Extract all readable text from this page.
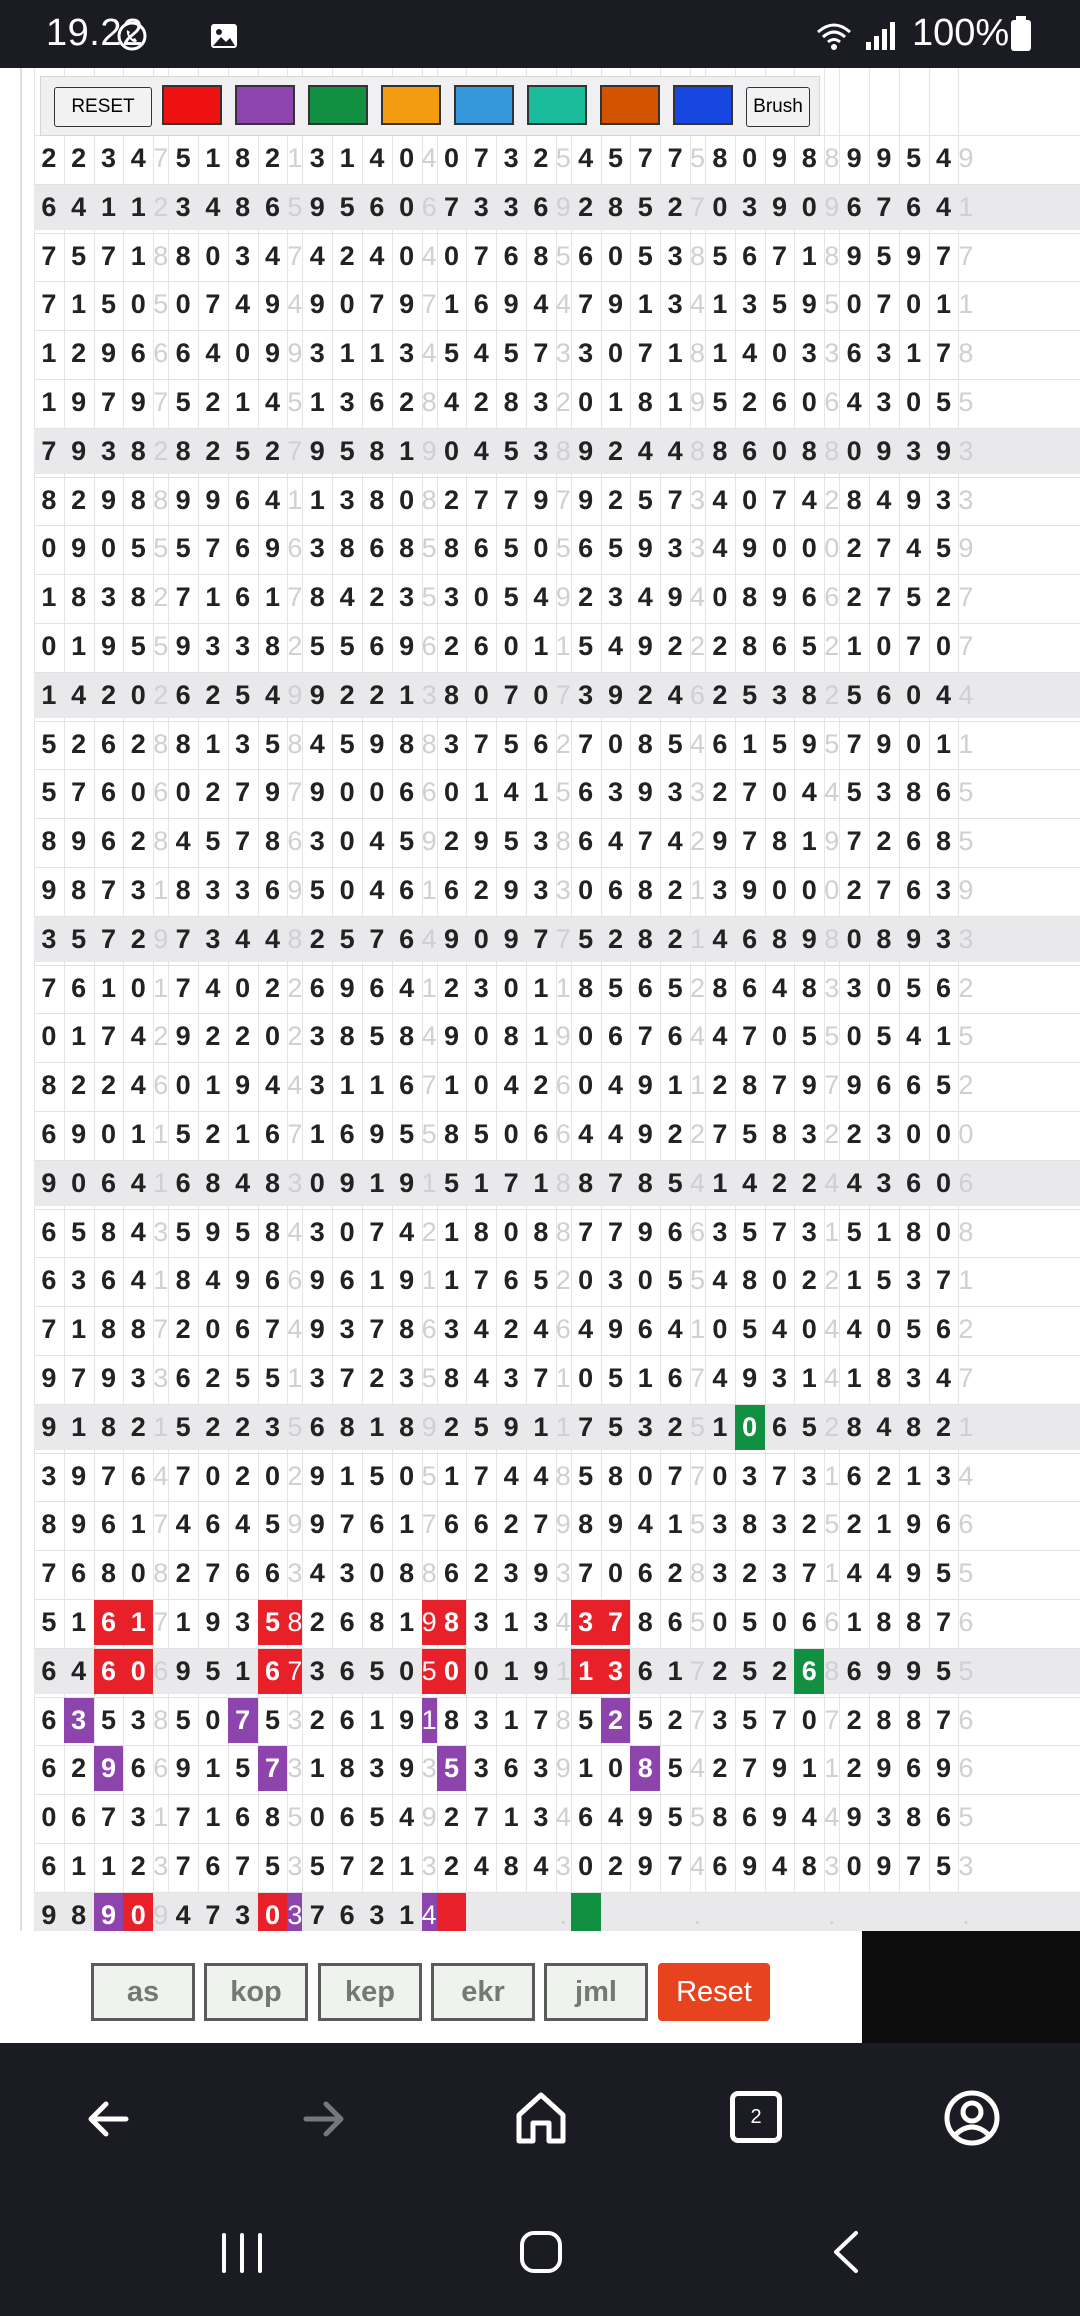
19.22	100%
2 2 3 4 7 5 1 8 2 1 3 1 4 0 4 0 7 3 2 5 4 5 7 7 5 8 0 9 8 8 9 9 5 4 9
6 4 1 1 2 3 4 8 6 5 9 5 6 0 6 7 3 3 6 9 2 8 5 2 7 0 3 9 0 9 6 7 6 4 1
7 5 7 1 8 8 0 3 4 7 4 2 4 0 4 0 7 6 8 5 6 0 5 3 8 5 6 7 1 8 9 5 9 7 7
7 1 5 0 5 0 7 4 9 4 9 0 7 9 7 1 6 9 4 4 7 9 1 3 4 1 3 5 9 5 0 7 0 1 1
1 2 9 6 6 6 4 0 9 9 3 1 1 3 4 5 4 5 7 3 3 0 7 1 8 1 4 0 3 3 6 3 1 7 8
1 9 7 9 7 5 2 1 4 5 1 3 6 2 8 4 2 8 3 2 0 1 8 1 9 5 2 6 0 6 4 3 0 5 5
7 9 3 8 2 8 2 5 2 7 9 5 8 1 9 0 4 5 3 8 9 2 4 4 8 8 6 0 8 8 0 9 3 9 3
8 2 9 8 8 9 9 6 4 1 1 3 8 0 8 2 7 7 9 7 9 2 5 7 3 4 0 7 4 2 8 4 9 3 3
0 9 0 5 5 5 7 6 9 6 3 8 6 8 5 8 6 5 0 5 6 5 9 3 3 4 9 0 0 0 2 7 4 5 9
1 8 3 8 2 7 1 6 1 7 8 4 2 3 5 3 0 5 4 9 2 3 4 9 4 0 8 9 6 6 2 7 5 2 7
0 1 9 5 5 9 3 3 8 2 5 5 6 9 6 2 6 0 1 1 5 4 9 2 2 2 8 6 5 2 1 0 7 0 7
1 4 2 0 2 6 2 5 4 9 9 2 2 1 3 8 0 7 0 7 3 9 2 4 6 2 5 3 8 2 5 6 0 4 4
5 2 6 2 8 8 1 3 5 8 4 5 9 8 8 3 7 5 6 2 7 0 8 5 4 6 1 5 9 5 7 9 0 1 1
5 7 6 0 6 0 2 7 9 7 9 0 0 6 6 0 1 4 1 5 6 3 9 3 3 2 7 0 4 4 5 3 8 6 5
8 9 6 2 8 4 5 7 8 6 3 0 4 5 9 2 9 5 3 8 6 4 7 4 2 9 7 8 1 9 7 2 6 8 5
9 8 7 3 1 8 3 3 6 9 5 0 4 6 1 6 2 9 3 3 0 6 8 2 1 3 9 0 0 0 2 7 6 3 9
3 5 7 2 9 7 3 4 4 8 2 5 7 6 4 9 0 9 7 7 5 2 8 2 1 4 6 8 9 8 0 8 9 3 3
7 6 1 0 1 7 4 0 2 2 6 9 6 4 1 2 3 0 1 1 8 5 6 5 2 8 6 4 8 3 3 0 5 6 2
0 1 7 4 2 9 2 2 0 2 3 8 5 8 4 9 0 8 1 9 0 6 7 6 4 4 7 0 5 5 0 5 4 1 5
8 2 2 4 6 0 1 9 4 4 3 1 1 6 7 1 0 4 2 6 0 4 9 1 1 2 8 7 9 7 9 6 6 5 2
6 9 0 1 1 5 2 1 6 7 1 6 9 5 5 8 5 0 6 6 4 4 9 2 2 7 5 8 3 2 2 3 0 0 0
9 0 6 4 1 6 8 4 8 3 0 9 1 9 1 5 1 7 1 8 8 7 8 5 4 1 4 2 2 4 4 3 6 0 6
6 5 8 4 3 5 9 5 8 4 3 0 7 4 2 1 8 0 8 8 7 7 9 6 6 3 5 7 3 1 5 1 8 0 8
6 3 6 4 1 8 4 9 6 6 9 6 1 9 1 1 7 6 5 2 0 3 0 5 5 4 8 0 2 2 1 5 3 7 1
7 1 8 8 7 2 0 6 7 4 9 3 7 8 6 3 4 2 4 6 4 9 6 4 1 0 5 4 0 4 4 0 5 6 2
9 7 9 3 3 6 2 5 5 1 3 7 2 3 5 8 4 3 7 1 0 5 1 6 7 4 9 3 1 4 1 8 3 4 7
9 1 8 2 1 5 2 2 3 5 6 8 1 8 9 2 5 9 1 1 7 5 3 2 5 1 0 6 5 2 8 4 8 2 1
3 9 7 6 4 7 0 2 0 2 9 1 5 0 5 1 7 4 4 8 5 8 0 7 7 0 3 7 3 1 6 2 1 3 4
8 9 6 1 7 4 6 4 5 9 9 7 6 1 7 6 6 2 7 9 8 9 4 1 5 3 8 3 2 5 2 1 9 6 6
7 6 8 0 8 2 7 6 6 3 4 3 0 8 8 6 2 3 9 3 7 0 6 2 8 3 2 3 7 1 4 4 9 5 5
5 1 6 1 7 1 9 3 5 8 2 6 8 1 9 8 3 1 3 4 3 7 8 6 5 0 5 0 6 6 1 8 8 7 6
6 4 6 0 6 9 5 1 6 7 3 6 5 0 5 0 0 1 9 1 1 3 6 1 7 2 5 2 6 8 6 9 9 5 5
6 3 5 3 8 5 0 7 5 3 2 6 1 9 1 8 3 1 7 8 5 2 5 2 7 3 5 7 0 7 2 8 8 7 6
6 2 9 6 6 9 1 5 7 3 1 8 3 9 3 5 3 6 3 9 1 0 8 5 4 2 7 9 1 1 2 9 6 9 6
0 6 7 3 1 7 1 6 8 5 0 6 5 4 9 2 7 1 3 4 6 4 9 5 5 8 6 9 4 4 9 3 8 6 5
6 1 1 2 3 7 6 7 5 3 5 7 2 1 3 2 4 8 4 3 0 2 9 7 4 6 9 4 8 3 0 9 7 5 3
9 8 9 0 9 4 7 3 0 3 7 6 3 1 4	.	.	.	.
RESET	Brush
as	kop	kep	ekr	jml	Reset
2
